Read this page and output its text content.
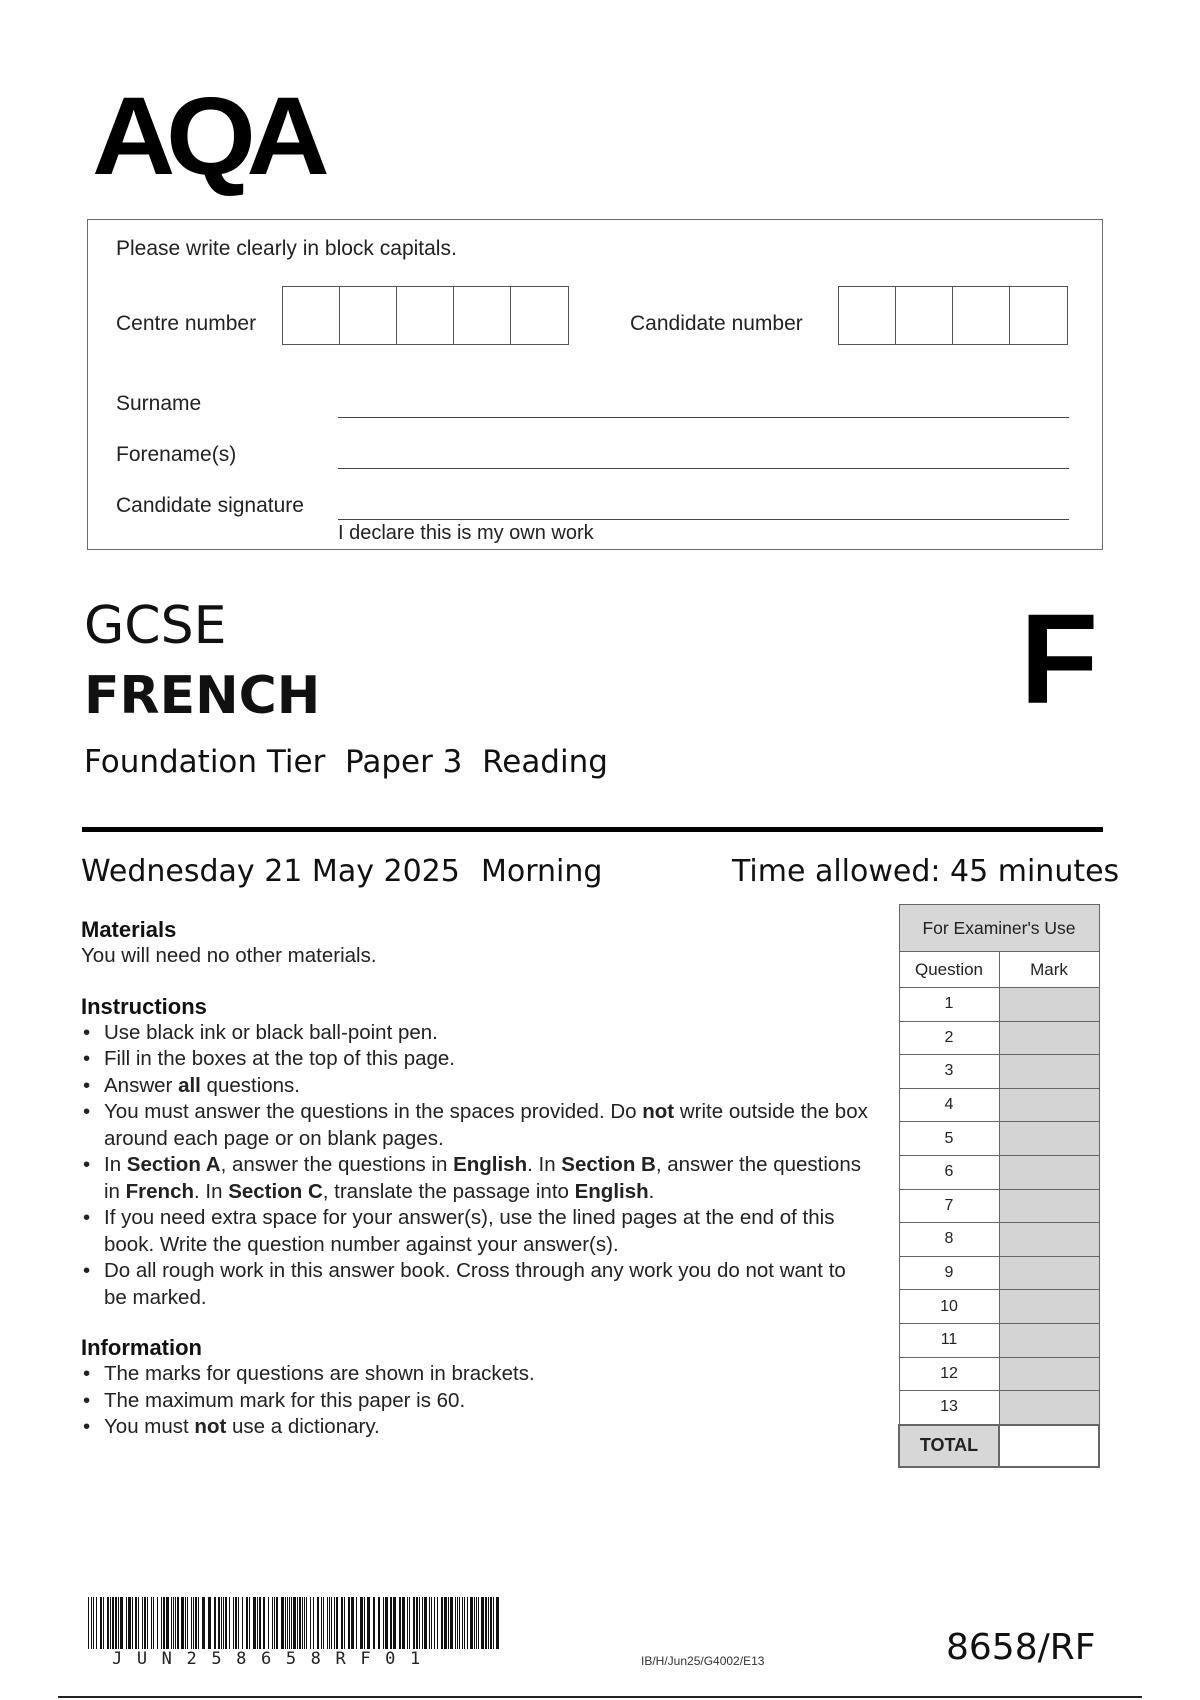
AQA
Please write clearly in block capitals.
Centre number	Candidate number
Surname
Forename(s)
Candidate signature
I declare this is my own work
GCSE
FRENCH
Foundation Tier  Paper 3  Reading
F
Wednesday 21 May 2025 Morning	Time allowed: 45 minutes
Materials
You will need no other materials.
Instructions
• Use black ink or black ball-point pen.
• Fill in the boxes at the top of this page.
• Answer all questions.
• You must answer the questions in the spaces provided. Do not write outside the box around each page or on blank pages.
• In Section A, answer the questions in English. In Section B, answer the questions in French. In Section C, translate the passage into English.
• If you need extra space for your answer(s), use the lined pages at the end of this book. Write the question number against your answer(s).
• Do all rough work in this answer book. Cross through any work you do not want to be marked.
Information
• The marks for questions are shown in brackets.
• The maximum mark for this paper is 60.
• You must not use a dictionary.
For Examiner's Use	
Question	Mark
1	
2	
3	
4	
5	
6	
7	
8	
9	
10	
11	
12	
13	
TOTAL	
JUN258658RF01	IB/H/Jun25/G4002/E13	8658/RF
